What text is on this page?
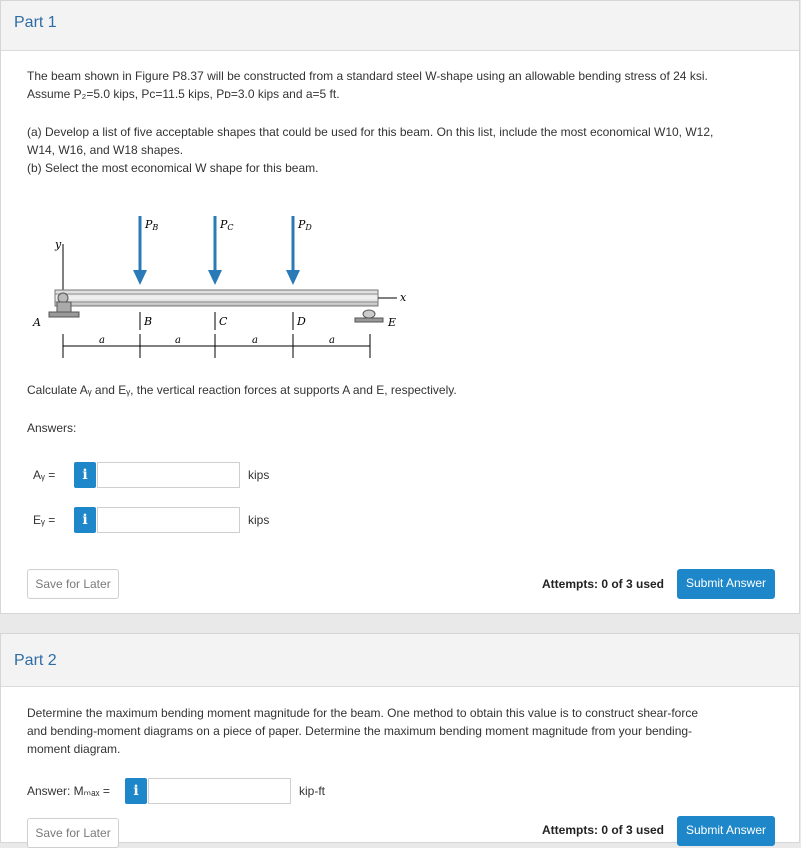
Part 1
The beam shown in Figure P8.37 will be constructed from a standard steel W-shape using an allowable bending stress of 24 ksi.
Assume P₂=5.0 kips, Pᴄ=11.5 kips, Pᴅ=3.0 kips and a=5 ft.
(a) Develop a list of five acceptable shapes that could be used for this beam. On this list, include the most economical W10, W12,
W14, W16, and W18 shapes.
(b) Select the most economical W shape for this beam.
y
x
A	E
PB	PC	PD
B	C	D
a	a	a	a
Calculate Aᵧ and Eᵧ, the vertical reaction forces at supports A and E, respectively.
Answers:
Aᵧ =	i	kips
Eᵧ =	i	kips
Save for Later	Attempts: 0 of 3 used	Submit Answer
Part 2
Determine the maximum bending moment magnitude for the beam. One method to obtain this value is to construct shear-force
and bending-moment diagrams on a piece of paper. Determine the maximum bending moment magnitude from your bending-
moment diagram.
Answer: Mₘₐₓ =	i	kip-ft
Save for Later	Attempts: 0 of 3 used	Submit Answer
